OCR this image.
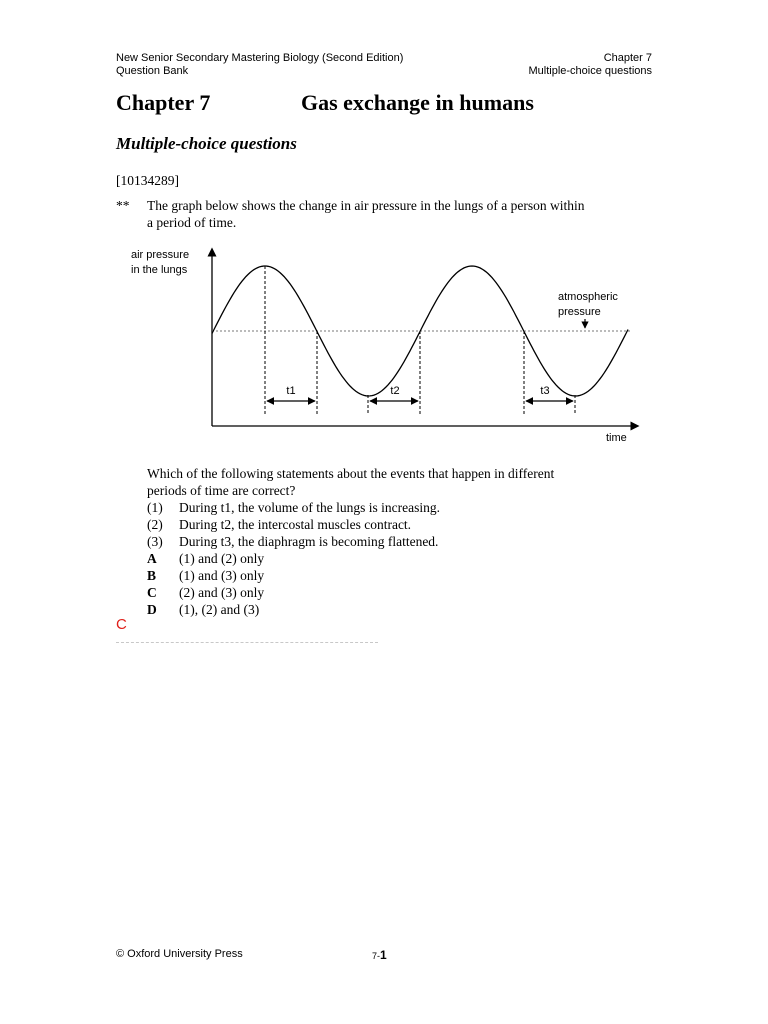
New Senior Secondary Mastering Biology (Second Edition)
Question Bank
Chapter 7
Multiple-choice questions
Chapter 7	Gas exchange in humans
Multiple-choice questions
[10134289]
** The graph below shows the change in air pressure in the lungs of a person within
a period of time.
t1	t2	t3
air pressure
in the lungs
time
atmospheric
pressure
Which of the following statements about the events that happen in different
periods of time are correct?
(1) During t1, the volume of the lungs is increasing.
(2) During t2, the intercostal muscles contract.
(3) During t3, the diaphragm is becoming flattened.
A (1) and (2) only
B (1) and (3) only
C (2) and (3) only
D (1), (2) and (3)
C
© Oxford University Press	7-1
